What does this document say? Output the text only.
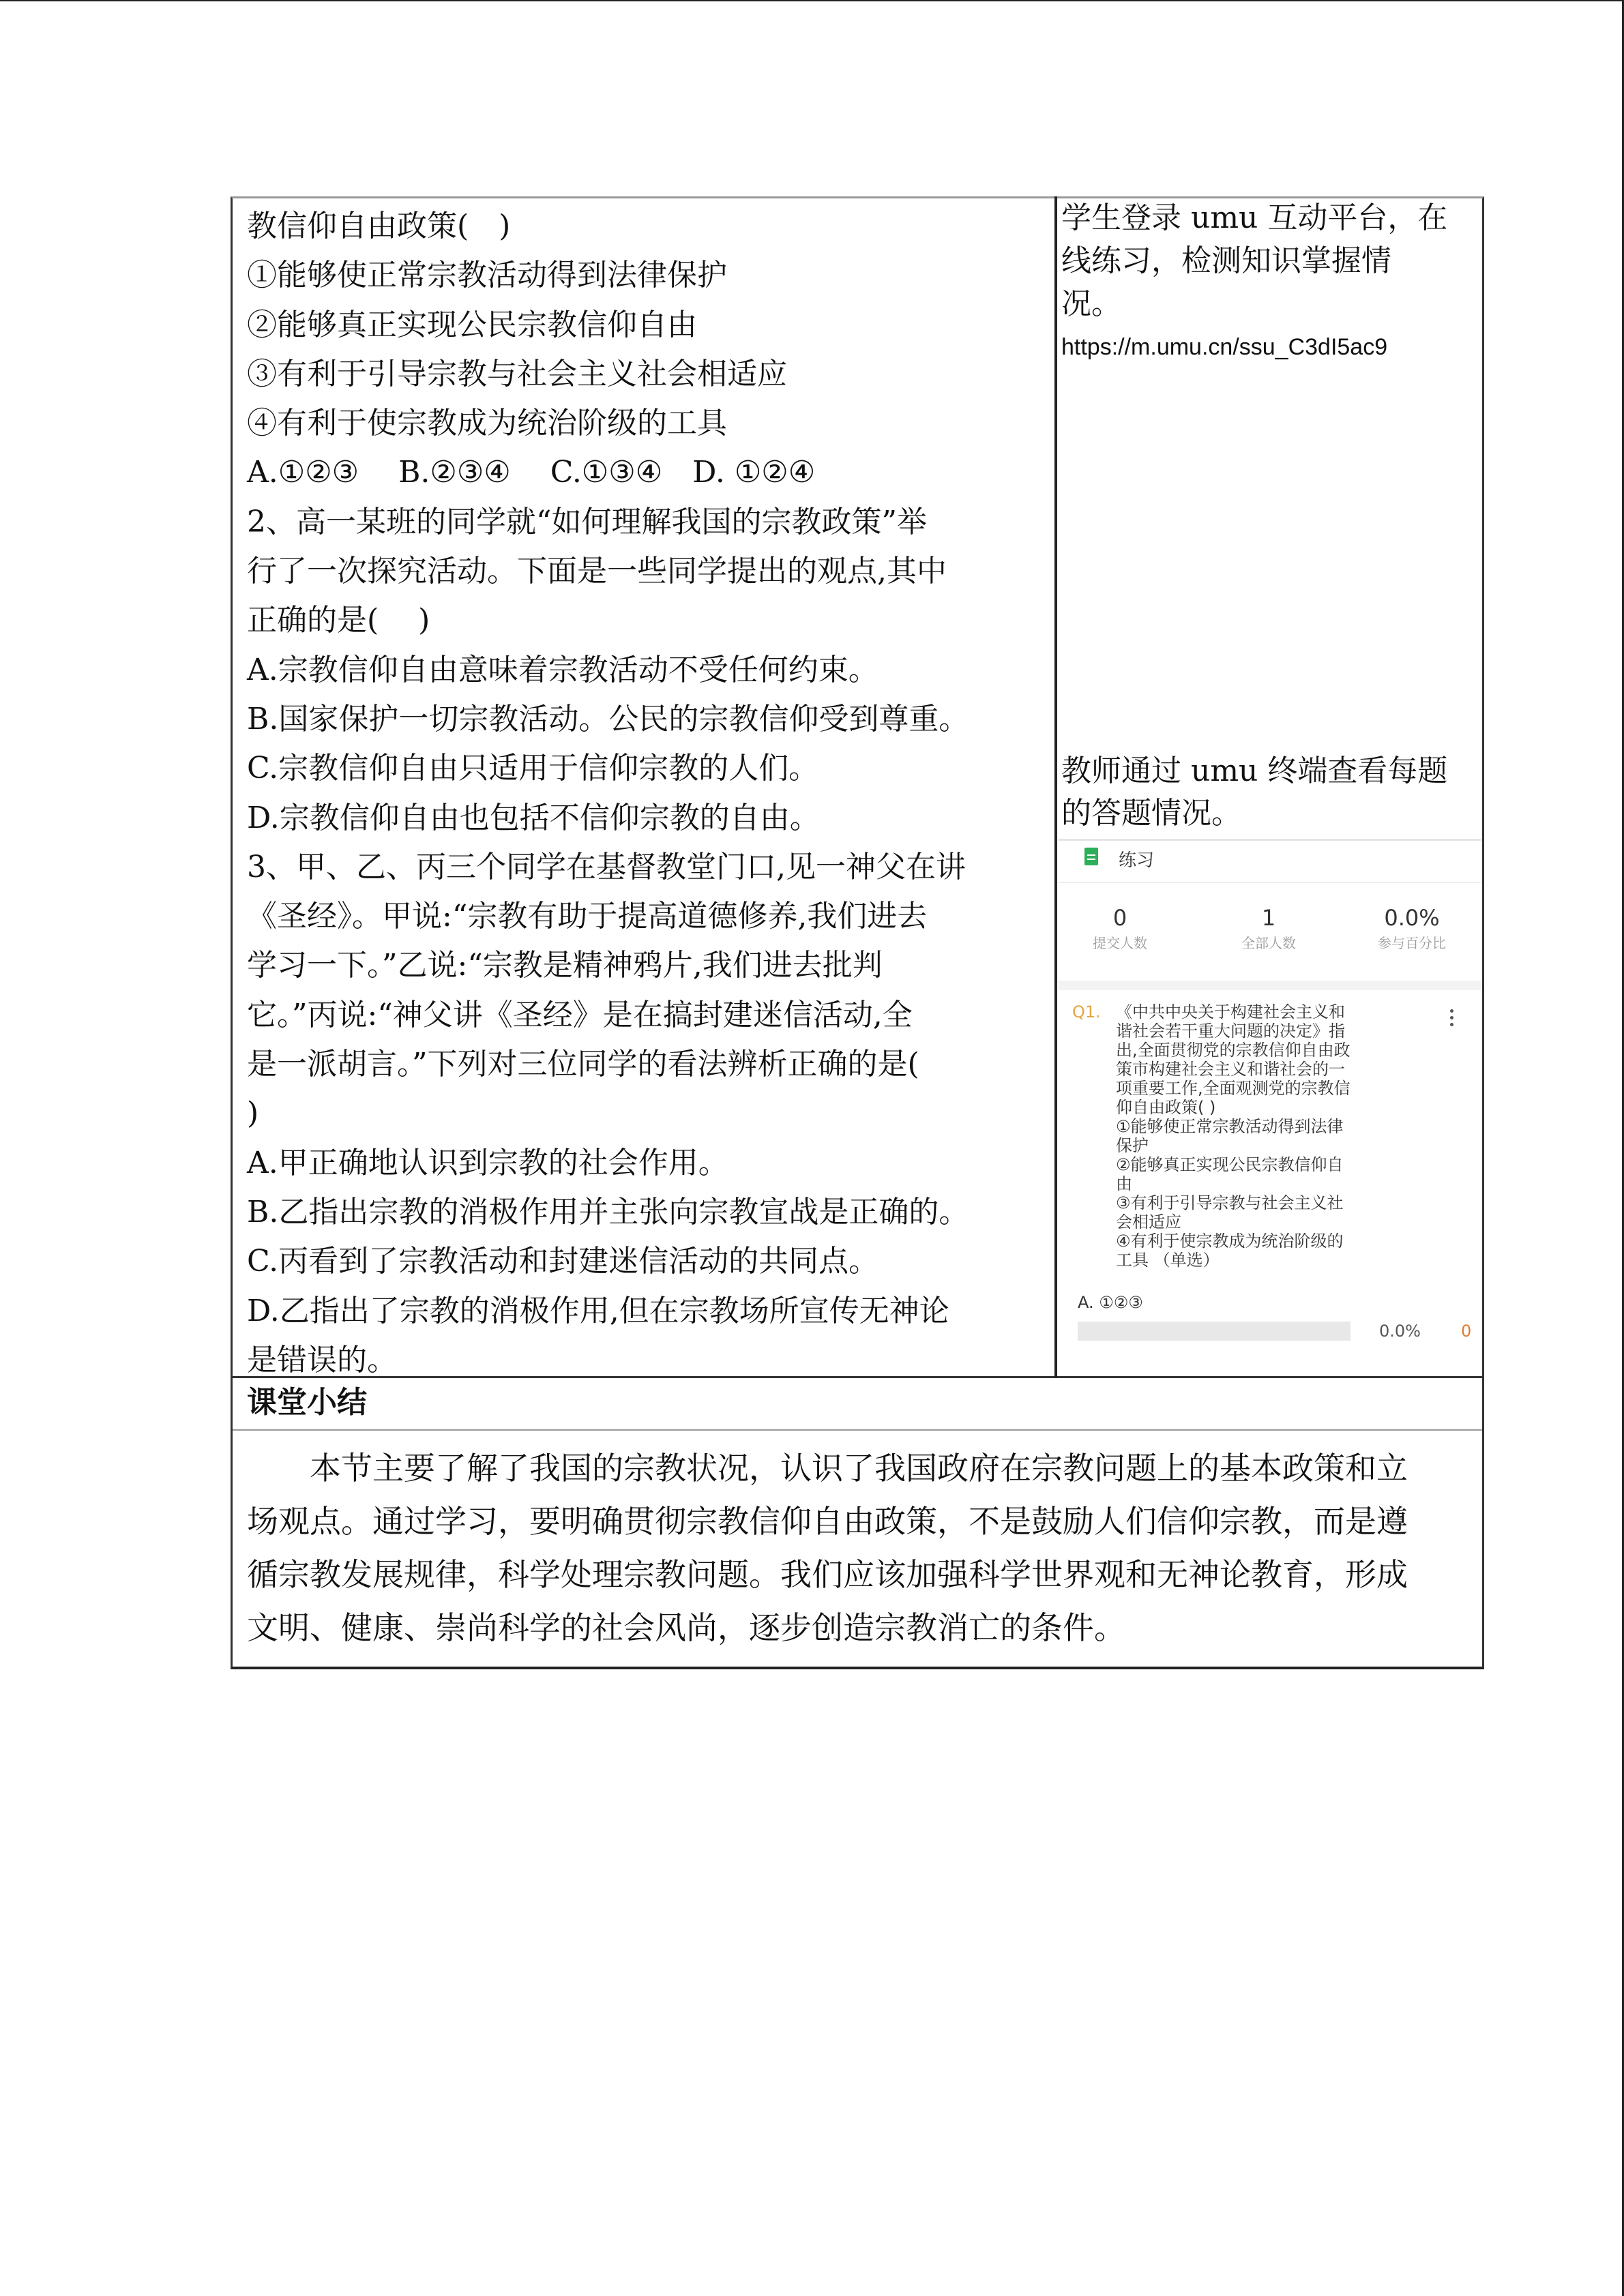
教信仰自由政策(　)
①能够使正常宗教活动得到法律保护
②能够真正实现公民宗教信仰自由
③有利于引导宗教与社会主义社会相适应
④有利于使宗教成为统治阶级的工具
A.①②③　 B.②③④　 C.①③④　D. ①②④
2、高一某班的同学就“如何理解我国的宗教政策”举
行了一次探究活动。下面是一些同学提出的观点,其中
正确的是(　 )
A.宗教信仰自由意味着宗教活动不受任何约束。
B.国家保护一切宗教活动。公民的宗教信仰受到尊重。
C.宗教信仰自由只适用于信仰宗教的人们。
D.宗教信仰自由也包括不信仰宗教的自由。
3、甲、乙、丙三个同学在基督教堂门口,见一神父在讲
《圣经》。甲说:“宗教有助于提高道德修养,我们进去
学习一下。”乙说:“宗教是精神鸦片,我们进去批判
它。”丙说:“神父讲《圣经》是在搞封建迷信活动,全
是一派胡言。”下列对三位同学的看法辨析正确的是(
)
A.甲正确地认识到宗教的社会作用。
B.乙指出宗教的消极作用并主张向宗教宣战是正确的。
C.丙看到了宗教活动和封建迷信活动的共同点。
D.乙指出了宗教的消极作用,但在宗教场所宣传无神论
是错误的。
学生登录 umu 互动平台，在
线练习，检测知识掌握情
况。
https://m.umu.cn/ssu_C3dI5ac9
教师通过 umu 终端查看每题
的答题情况。
练习
0
提交人数
1
全部人数
0.0%
参与百分比
Q1. 《中共中央关于构建社会主义和
谐社会若干重大问题的决定》指
出,全面贯彻党的宗教信仰自由政
策市构建社会主义和谐社会的一
项重要工作,全面观测党的宗教信
仰自由政策( )
①能够使正常宗教活动得到法律
保护
②能够真正实现公民宗教信仰自
由
③有利于引导宗教与社会主义社
会相适应
④有利于使宗教成为统治阶级的
工具 （单选）
A. ①②③
0.0% 0
课堂小结
　　本节主要了解了我国的宗教状况，认识了我国政府在宗教问题上的基本政策和立
场观点。通过学习，要明确贯彻宗教信仰自由政策，不是鼓励人们信仰宗教，而是遵
循宗教发展规律，科学处理宗教问题。我们应该加强科学世界观和无神论教育，形成
文明、健康、崇尚科学的社会风尚，逐步创造宗教消亡的条件。
